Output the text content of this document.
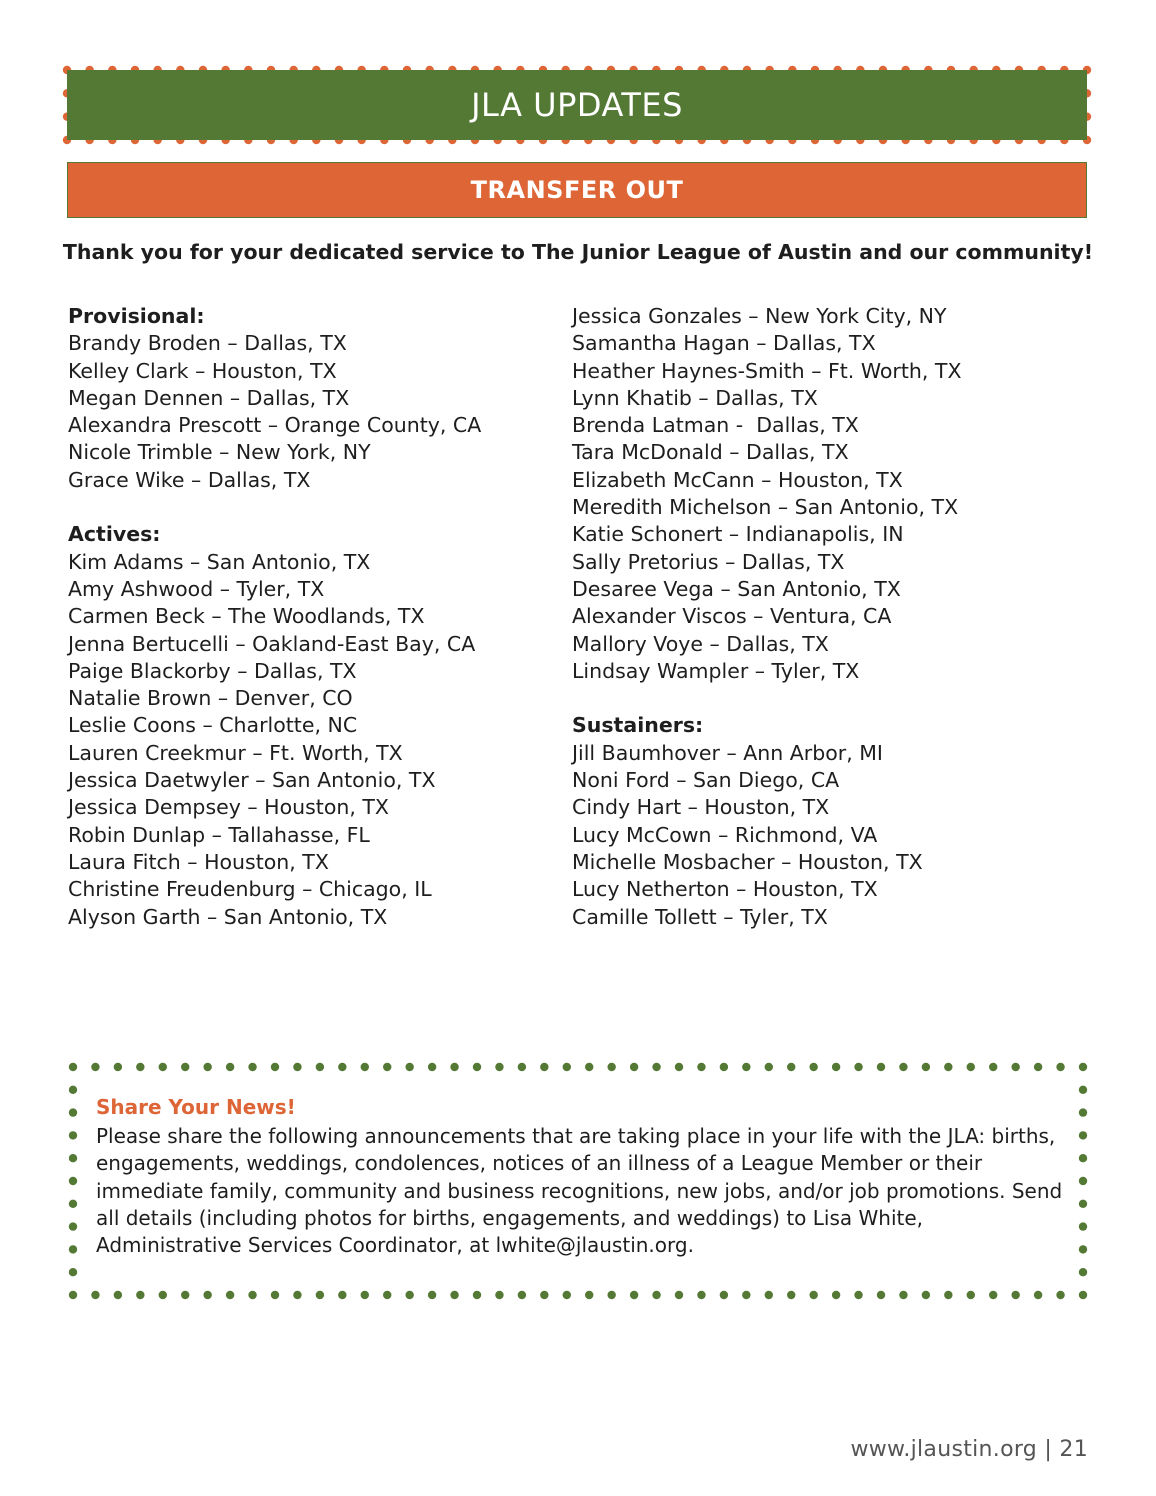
JLA UPDATES
TRANSFER OUT
Thank you for your dedicated service to The Junior League of Austin and our community!
Provisional:
Brandy Broden – Dallas, TX
Kelley Clark – Houston, TX
Megan Dennen – Dallas, TX
Alexandra Prescott – Orange County, CA
Nicole Trimble – New York, NY
Grace Wike – Dallas, TX
Actives:
Kim Adams – San Antonio, TX
Amy Ashwood – Tyler, TX
Carmen Beck – The Woodlands, TX
Jenna Bertucelli – Oakland-East Bay, CA
Paige Blackorby – Dallas, TX
Natalie Brown – Denver, CO
Leslie Coons – Charlotte, NC
Lauren Creekmur – Ft. Worth, TX
Jessica Daetwyler – San Antonio, TX
Jessica Dempsey – Houston, TX
Robin Dunlap – Tallahasse, FL
Laura Fitch – Houston, TX
Christine Freudenburg – Chicago, IL
Alyson Garth – San Antonio, TX
Jessica Gonzales – New York City, NY
Samantha Hagan – Dallas, TX
Heather Haynes-Smith – Ft. Worth, TX
Lynn Khatib – Dallas, TX
Brenda Latman -  Dallas, TX
Tara McDonald – Dallas, TX
Elizabeth McCann – Houston, TX
Meredith Michelson – San Antonio, TX
Katie Schonert – Indianapolis, IN
Sally Pretorius – Dallas, TX
Desaree Vega – San Antonio, TX
Alexander Viscos – Ventura, CA
Mallory Voye – Dallas, TX
Lindsay Wampler – Tyler, TX
Sustainers:
Jill Baumhover – Ann Arbor, MI
Noni Ford – San Diego, CA
Cindy Hart – Houston, TX
Lucy McCown – Richmond, VA
Michelle Mosbacher – Houston, TX
Lucy Netherton – Houston, TX
Camille Tollett – Tyler, TX
Share Your News!
Please share the following announcements that are taking place in your life with the JLA: births, engagements, weddings, condolences, notices of an illness of a League Member or their immediate family, community and business recognitions, new jobs, and/or job promotions. Send all details (including photos for births, engagements, and weddings) to Lisa White, Administrative Services Coordinator, at lwhite@jlaustin.org.
www.jlaustin.org | 21
